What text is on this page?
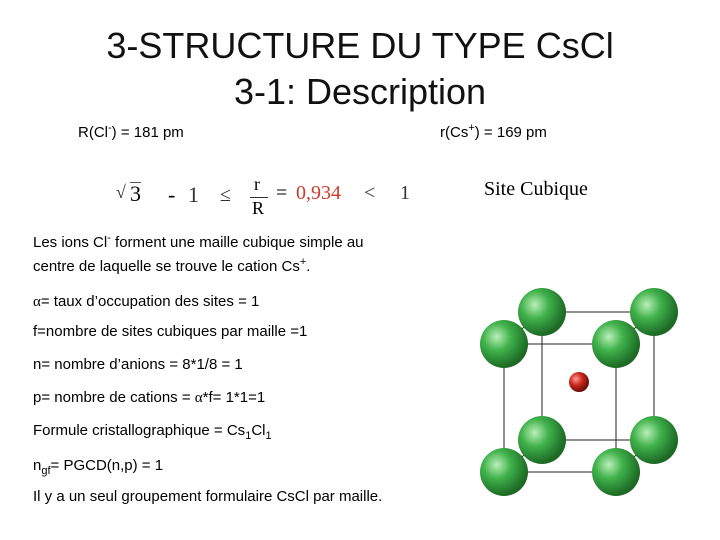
3-STRUCTURE DU TYPE CsCl
3-1: Description
R(Cl-) = 181 pm	r(Cs+) = 169 pm
√ 3 - 1 ≤ r
R
= 0,934 < 1	Site Cubique
Les ions Cl- forment une maille cubique simple au
centre de laquelle se trouve le cation Cs+.
α= taux d’occupation des sites = 1
f=nombre de sites cubiques par maille =1
n= nombre d’anions = 8*1/8 = 1
p= nombre de cations = α*f= 1*1=1
Formule cristallographique = $Cs_1Cl_1$
$n_{gf}=$ PGCD(n,p) = 1
Il y a un seul groupement formulaire CsCl par maille.
